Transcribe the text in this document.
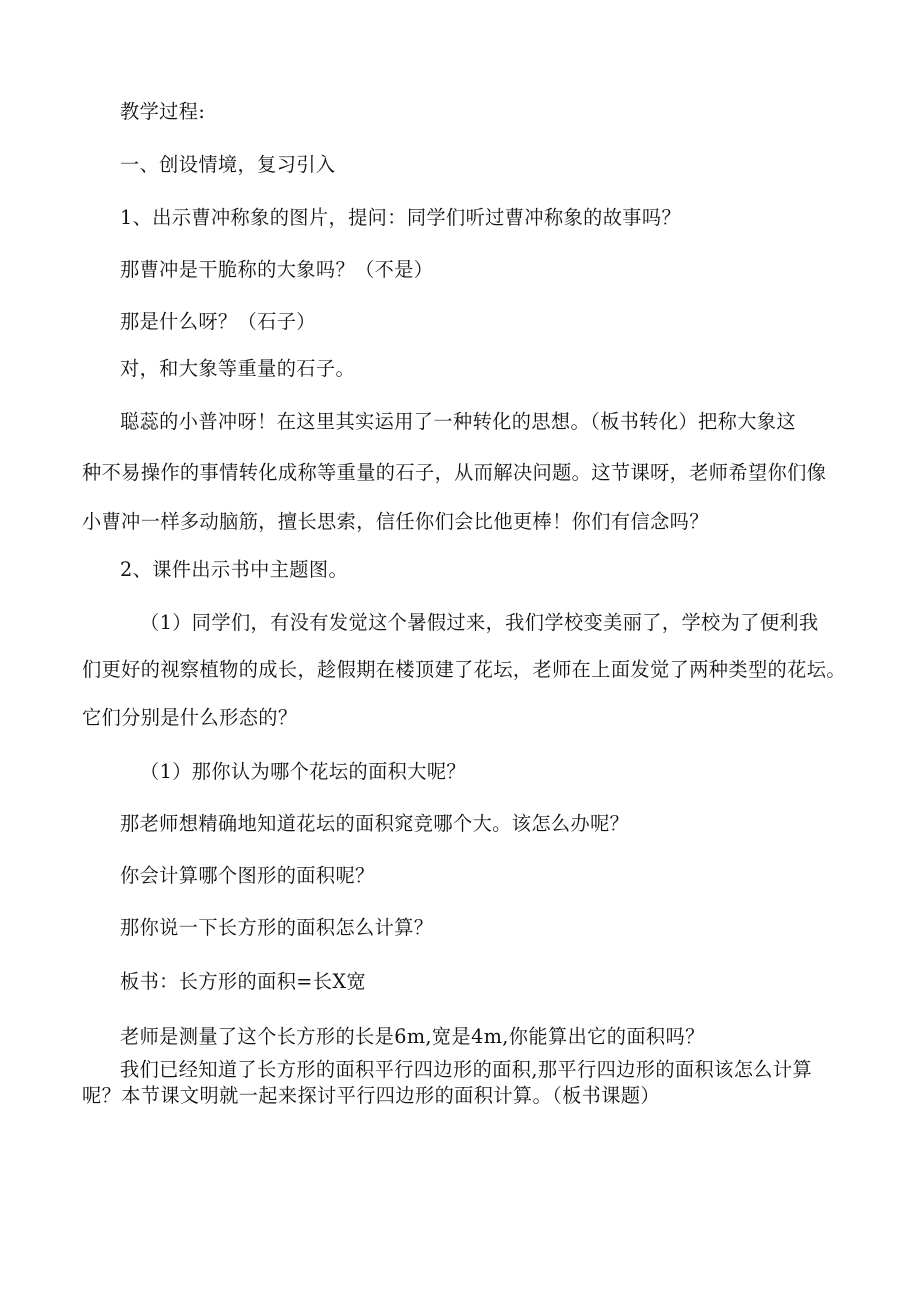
教学过程:

一、创设情境，复习引入

1、出示曹冲称象的图片，提问：同学们听过曹冲称象的故事吗？

那曹冲是干脆称的大象吗？（不是）

那是什么呀？（石子）

对，和大象等重量的石子。

聪蕊的小普冲呀！在这里其实运用了一种转化的思想。（板书转化）把称大象这

种不易操作的事情转化成称等重量的石子，从而解决问题。这节课呀，老师希望你们像

小曹冲一样多动脑筋，擅长思索，信任你们会比他更棒！你们有信念吗？

2、课件出示书中主题图。

（1）同学们，有没有发觉这个暑假过来，我们学校变美丽了，学校为了便利我

们更好的视察植物的成长，趁假期在楼顶建了花坛，老师在上面发觉了两种类型的花坛。

它们分别是什么形态的？

（1）那你认为哪个花坛的面积大呢？

那老师想精确地知道花坛的面积窕竞哪个大。该怎么办呢？

你会计算哪个图形的面积呢？

那你说一下长方形的面积怎么计算？

板书：长方形的面积=长X宽

老师是测量了这个长方形的长是6m,宽是4m,你能算出它的面积吗？

我们已经知道了长方形的面积平行四边形的面积,那平行四边形的面积该怎么计算

呢？本节课文明就一起来探讨平行四边形的面积计算。（板书课题）
